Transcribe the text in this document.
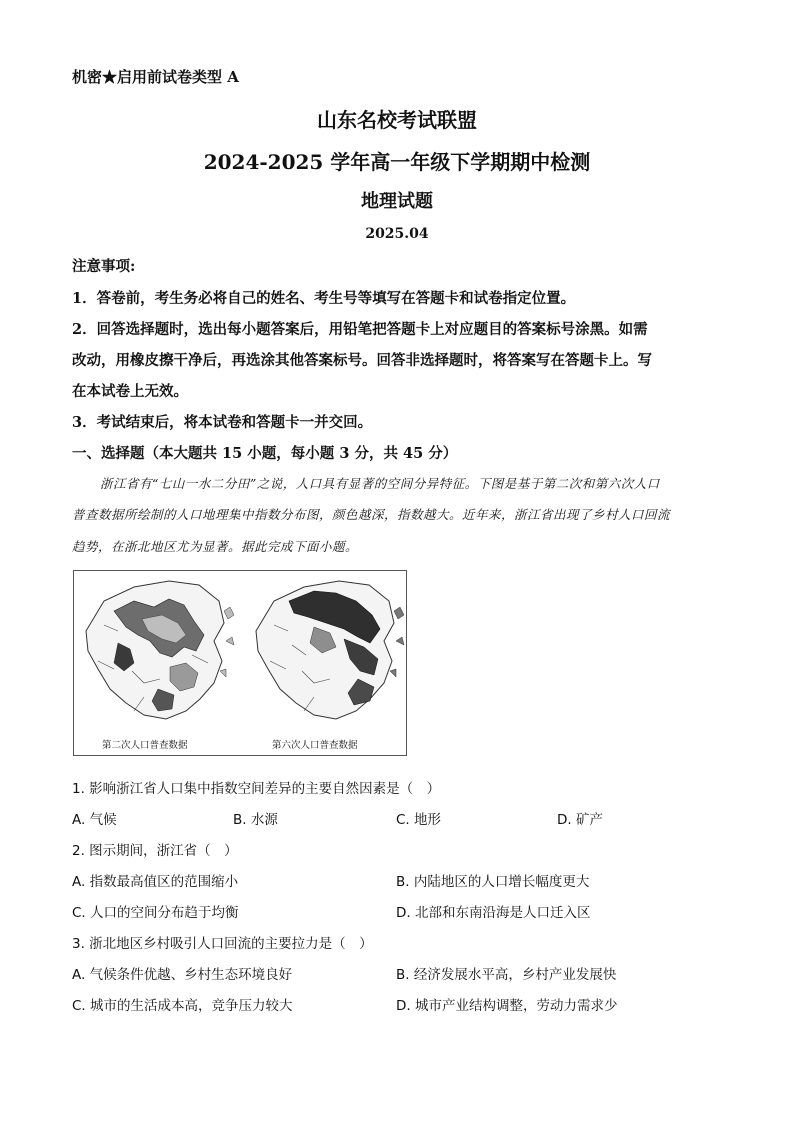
机密★启用前试卷类型 A
山东名校考试联盟
2024-2025 学年高一年级下学期期中检测
地理试题
2025.04
注意事项:
1．答卷前，考生务必将自己的姓名、考生号等填写在答题卡和试卷指定位置。
2．回答选择题时，选出每小题答案后，用铅笔把答题卡上对应题目的答案标号涂黑。如需
改动，用橡皮擦干净后，再选涂其他答案标号。回答非选择题时，将答案写在答题卡上。写
在本试卷上无效。
3．考试结束后，将本试卷和答题卡一并交回。
一、选择题（本大题共 15 小题，每小题 3 分，共 45 分）
浙江省有“七山一水二分田”之说，人口具有显著的空间分异特征。下图是基于第二次和第六次人口
普查数据所绘制的人口地理集中指数分布图，颜色越深，指数越大。近年来，浙江省出现了乡村人口回流
趋势，在浙北地区尤为显著。据此完成下面小题。
第二次人口普查数据	第六次人口普查数据
1. 影响浙江省人口集中指数空间差异的主要自然因素是（　）
A. 气候	B. 水源	C. 地形	D. 矿产
2. 图示期间，浙江省（　）
A. 指数最高值区的范围缩小	B. 内陆地区的人口增长幅度更大
C. 人口的空间分布趋于均衡	D. 北部和东南沿海是人口迁入区
3. 浙北地区乡村吸引人口回流的主要拉力是（　）
A. 气候条件优越、乡村生态环境良好	B. 经济发展水平高，乡村产业发展快
C. 城市的生活成本高，竞争压力较大	D. 城市产业结构调整，劳动力需求少
